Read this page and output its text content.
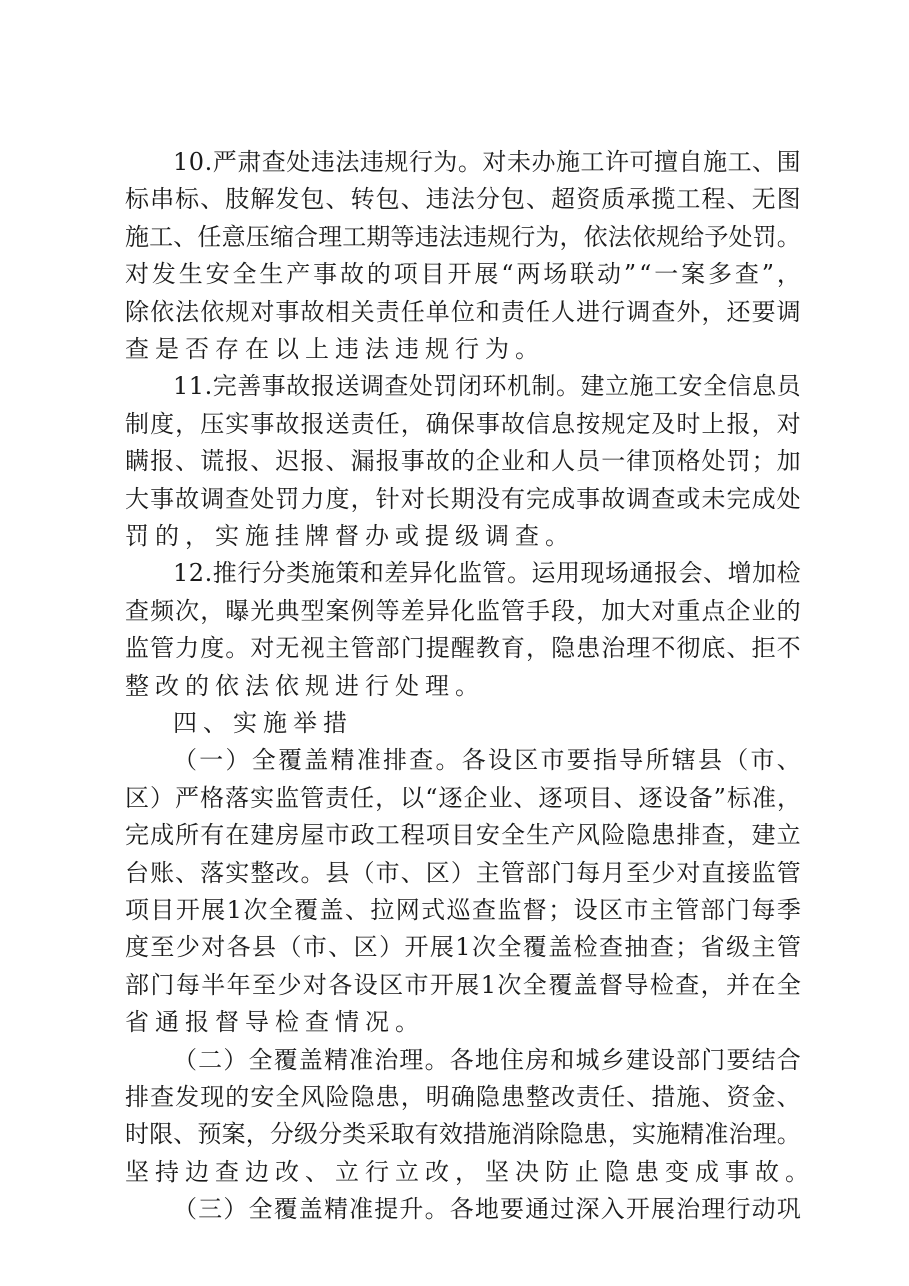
1 0 . 严 肃 查 处 违 法 违 规 行 为 。 对 未 办 施 工 许 可 擅 自 施 工 、 围
标 串 标 、 肢 解 发 包 、 转 包 、 违 法 分 包 、 超 资 质 承 揽 工 程 、 无 图
施 工 、 任 意 压 缩 合 理 工 期 等 违 法 违 规 行 为 ， 依 法 依 规 给 予 处 罚 。
对 发 生 安 全 生 产 事 故 的 项 目 开 展 “ 两 场 联 动 ” “ 一 案 多 查 ” ，
除 依 法 依 规 对 事 故 相 关 责 任 单 位 和 责 任 人 进 行 调 查 外 ， 还 要 调
查是否存在以上违法违规行为。
1 1 . 完 善 事 故 报 送 调 查 处 罚 闭 环 机 制 。 建 立 施 工 安 全 信 息 员
制 度 ， 压 实 事 故 报 送 责 任 ， 确 保 事 故 信 息 按 规 定 及 时 上 报 ， 对
瞒 报 、 谎 报 、 迟 报 、 漏 报 事 故 的 企 业 和 人 员 一 律 顶 格 处 罚 ； 加
大 事 故 调 查 处 罚 力 度 ， 针 对 长 期 没 有 完 成 事 故 调 查 或 未 完 成 处
罚的，实施挂牌督办或提级调查。
1 2 . 推 行 分 类 施 策 和 差 异 化 监 管 。 运 用 现 场 通 报 会 、 增 加 检
查 频 次 ， 曝 光 典 型 案 例 等 差 异 化 监 管 手 段 ， 加 大 对 重 点 企 业 的
监 管 力 度 。 对 无 视 主 管 部 门 提 醒 教 育 ， 隐 患 治 理 不 彻 底 、 拒 不
整改的依法依规进行处理。
四、实施举措
（ 一 ） 全 覆 盖 精 准 排 查 。 各 设 区 市 要 指 导 所 辖 县 （ 市 、
区 ） 严 格 落 实 监 管 责 任 ， 以 “ 逐 企 业 、 逐 项 目 、 逐 设 备 ” 标 准 ，
完 成 所 有 在 建 房 屋 市 政 工 程 项 目 安 全 生 产 风 险 隐 患 排 查 ， 建 立
台 账 、 落 实 整 改 。 县 （ 市 、 区 ） 主 管 部 门 每 月 至 少 对 直 接 监 管
项 目 开 展 1 次 全 覆 盖 、 拉 网 式 巡 查 监 督 ； 设 区 市 主 管 部 门 每 季
度 至 少 对 各 县 （ 市 、 区 ） 开 展 1 次 全 覆 盖 检 查 抽 查 ； 省 级 主 管
部 门 每 半 年 至 少 对 各 设 区 市 开 展 1 次 全 覆 盖 督 导 检 查 ， 并 在 全
省通报督导检查情况。
（ 二 ） 全 覆 盖 精 准 治 理 。 各 地 住 房 和 城 乡 建 设 部 门 要 结 合
排 查 发 现 的 安 全 风 险 隐 患 ， 明 确 隐 患 整 改 责 任 、 措 施 、 资 金 、
时 限 、 预 案 ， 分 级 分 类 采 取 有 效 措 施 消 除 隐 患 ， 实 施 精 准 治 理 。
坚持边查边改、立行立改，坚决防止隐患变成事故。
（ 三 ） 全 覆 盖 精 准 提 升 。 各 地 要 通 过 深 入 开 展 治 理 行 动 巩
